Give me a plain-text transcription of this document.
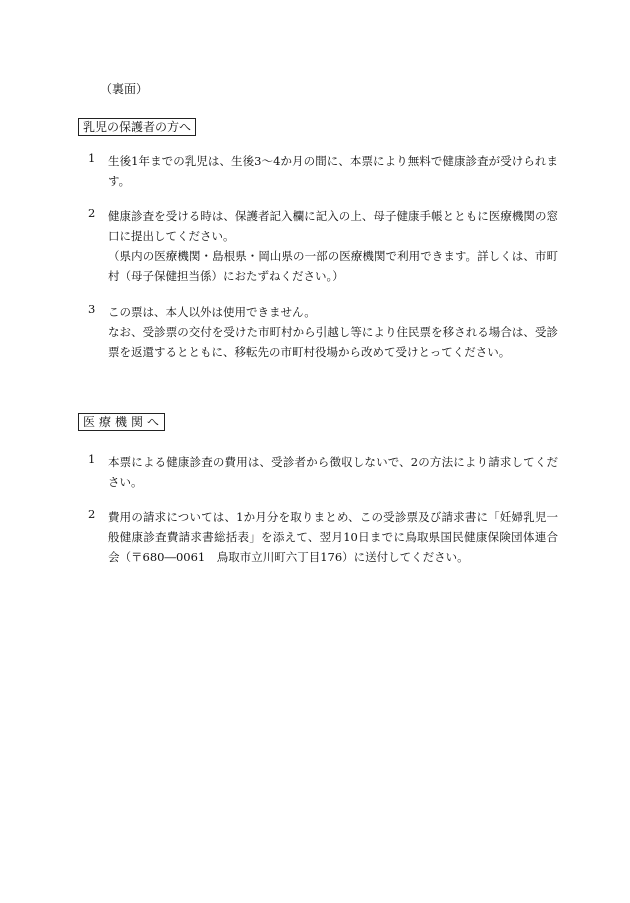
（裏面）
乳児の保護者の方へ
1	生後1年までの乳児は、生後3〜4か月の間に、本票により無料で健康診査が受けられます。

2	健康診査を受ける時は、保護者記入欄に記入の上、母子健康手帳とともに医療機関の窓口に提出してください。

（県内の医療機関・島根県・岡山県の一部の医療機関で利用できます。詳しくは、市町村（母子保健担当係）におたずねください。）

3	この票は、本人以外は使用できません。

なお、受診票の交付を受けた市町村から引越し等により住民票を移される場合は、受診票を返還するとともに、移転先の市町村役場から改めて受けとってください。

医療機関へ
1	本票による健康診査の費用は、受診者から徴収しないで、2の方法により請求してください。

2	費用の請求については、1か月分を取りまとめ、この受診票及び請求書に「妊婦乳児一般健康診査費請求書総括表」を添えて、翌月10日までに鳥取県国民健康保険団体連合会（〒680―0061　鳥取市立川町六丁目176）に送付してください。
